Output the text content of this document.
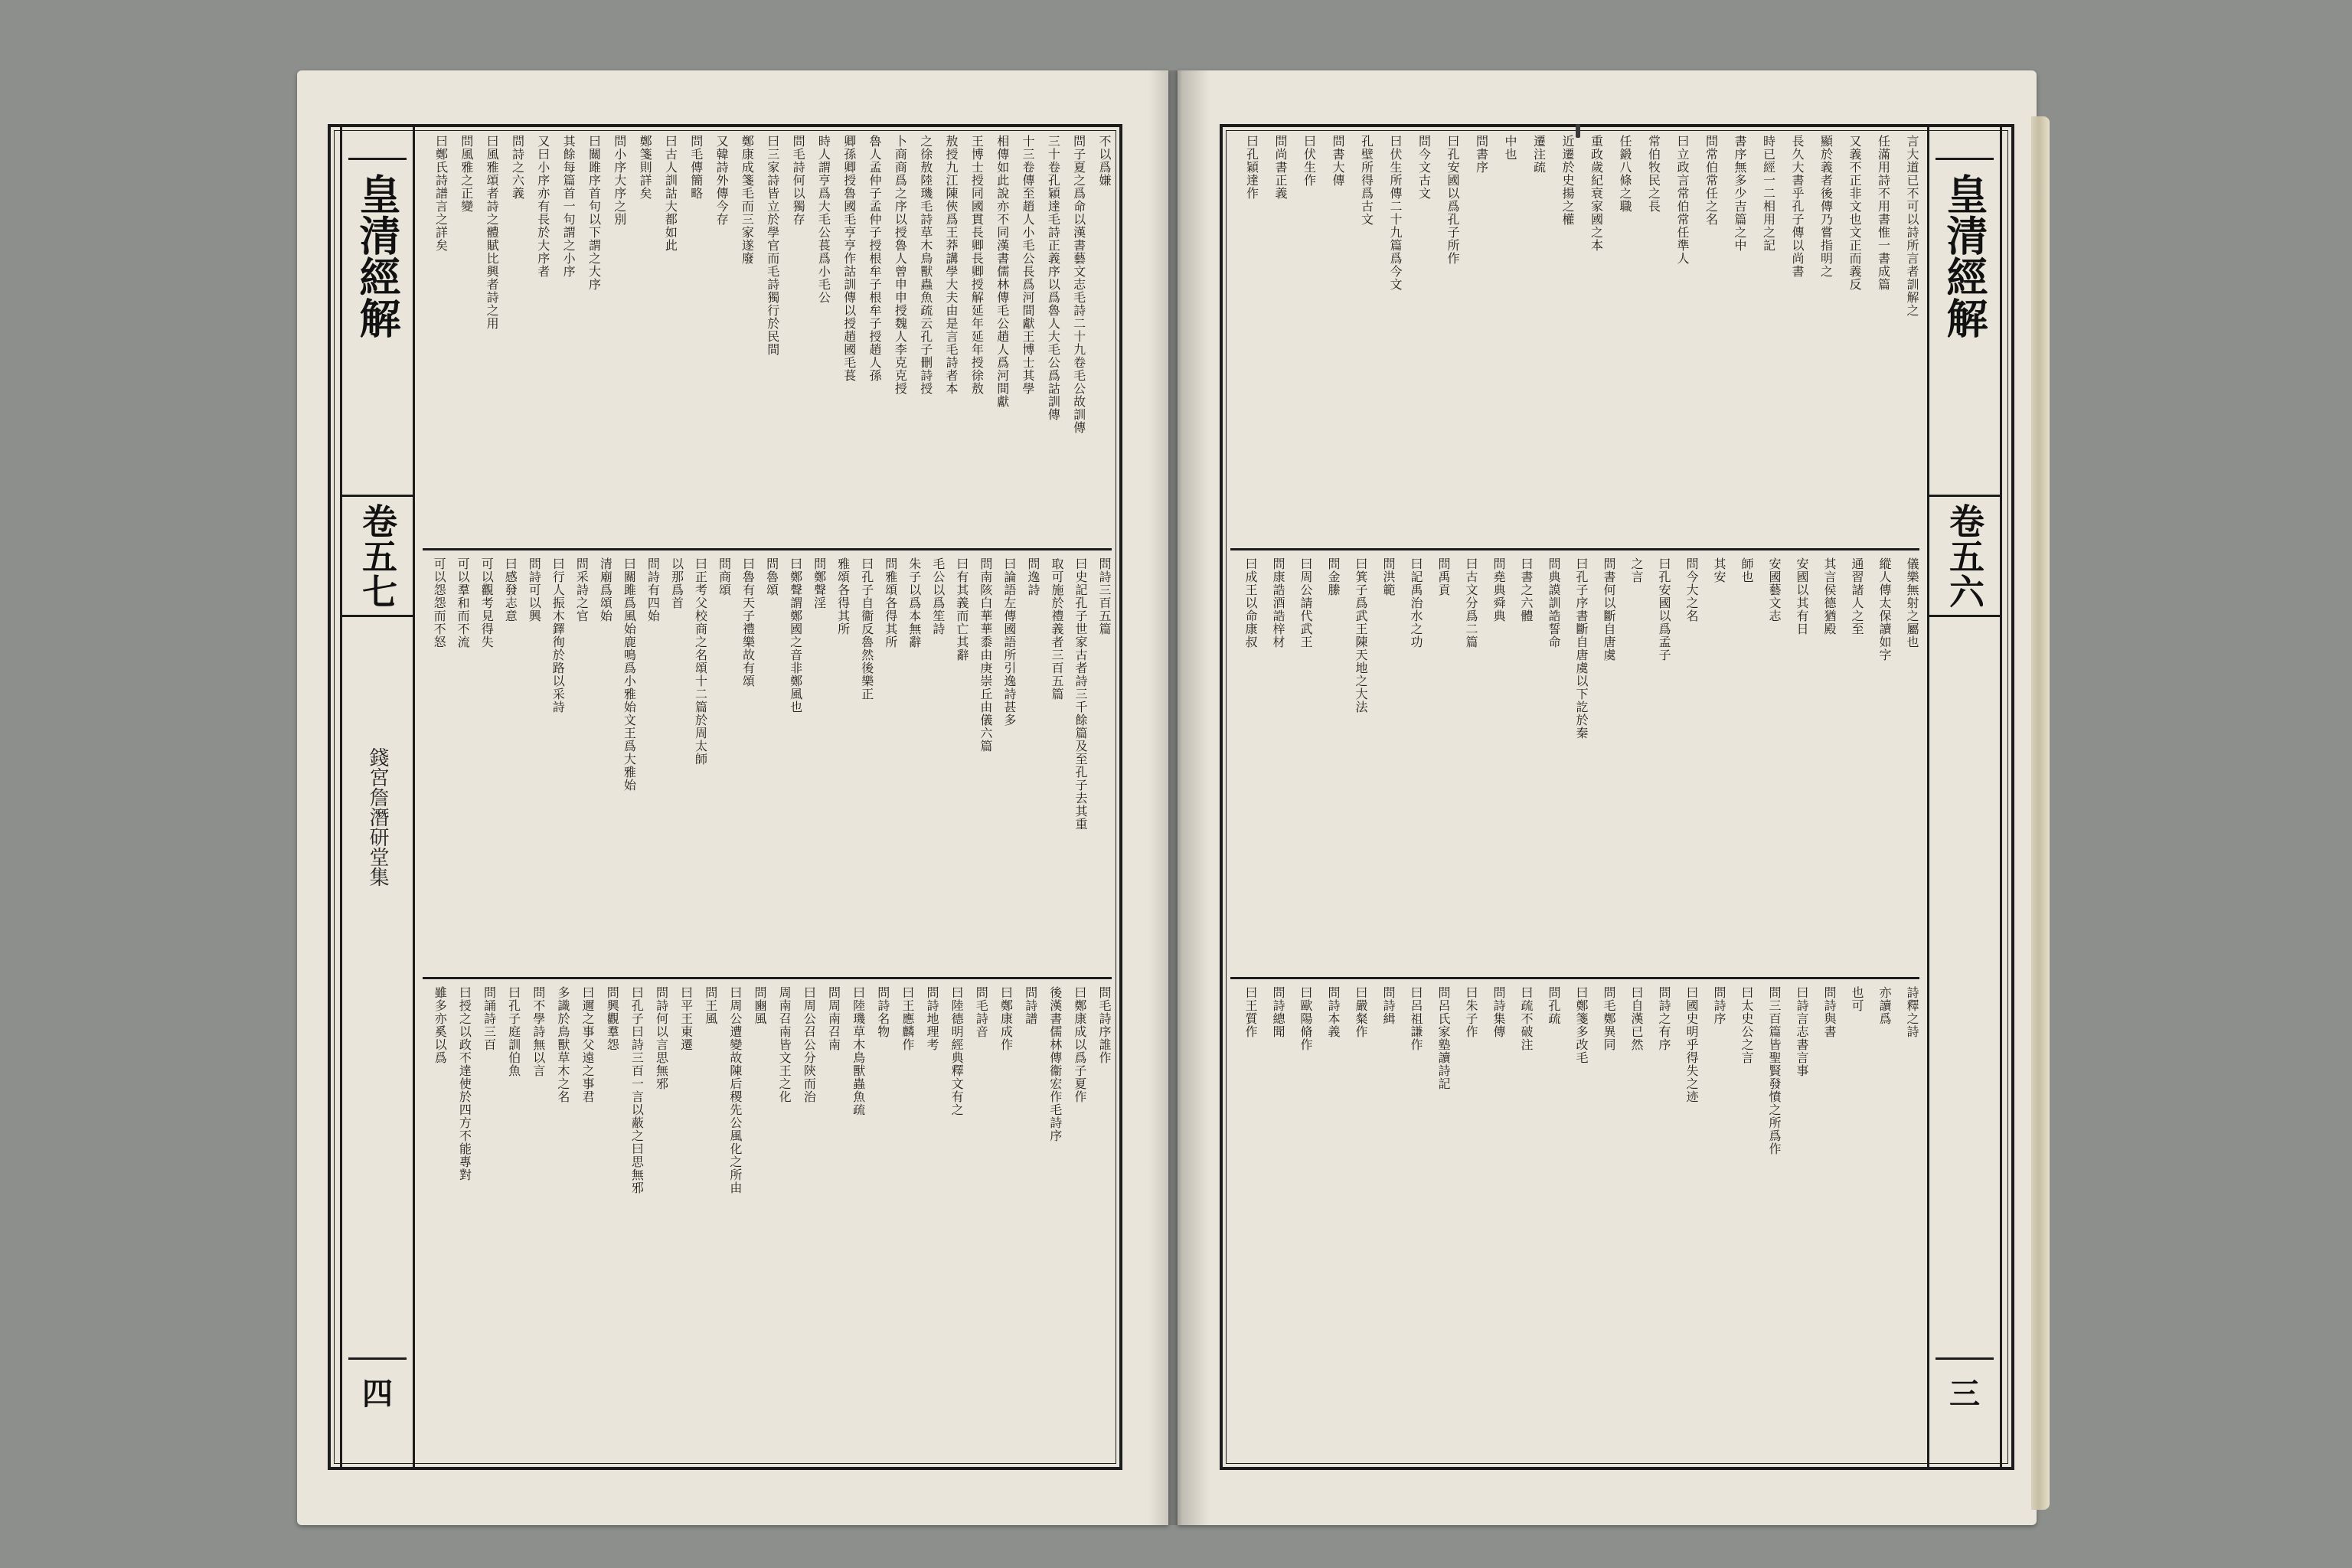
不以爲嫌
問子夏之爲命以漢書藝文志毛詩二十九卷毛公故訓傳
三十卷孔穎達毛詩正義序以爲魯人大毛公爲詁訓傳
十三卷傳至趙人小毛公長爲河間獻王博士其學
相傳如此說亦不同漢書儒林傳毛公趙人爲河間獻
王博士授同國貫長卿長卿授解延年延年授徐敖
敖授九江陳俠爲王莽講學大夫由是言毛詩者本
之徐敖陸璣毛詩草木鳥獸蟲魚疏云孔子刪詩授
卜商商爲之序以授魯人曾申申授魏人李克克授
魯人孟仲子孟仲子授根牟子根牟子授趙人孫
卿孫卿授魯國毛亨亨作詁訓傳以授趙國毛萇
時人謂亨爲大毛公萇爲小毛公
問毛詩何以獨存
曰三家詩皆立於學官而毛詩獨行於民間
鄭康成箋毛而三家遂廢
又韓詩外傳今存
問毛傳簡略
曰古人訓詁大都如此
鄭箋則詳矣
問小序大序之別
曰關雎序首句以下謂之大序
其餘每篇首一句謂之小序
又曰小序亦有長於大序者
問詩之六義
曰風雅頌者詩之體賦比興者詩之用
問風雅之正變
曰鄭氏詩譜言之詳矣
問詩三百五篇
曰史記孔子世家古者詩三千餘篇及至孔子去其重
取可施於禮義者三百五篇
問逸詩
曰論語左傳國語所引逸詩甚多
問南陔白華華黍由庚崇丘由儀六篇
曰有其義而亡其辭
毛公以爲笙詩
朱子以爲本無辭
問雅頌各得其所
曰孔子自衞反魯然後樂正
雅頌各得其所
問鄭聲淫
曰鄭聲謂鄭國之音非鄭風也
問魯頌
曰魯有天子禮樂故有頌
問商頌
曰正考父校商之名頌十二篇於周太師
以那爲首
問詩有四始
曰關雎爲風始鹿鳴爲小雅始文王爲大雅始
清廟爲頌始
問采詩之官
曰行人振木鐸徇於路以采詩
問詩可以興
曰感發志意
可以觀考見得失
可以羣和而不流
可以怨怨而不怒
問毛詩序誰作
曰鄭康成以爲子夏作
後漢書儒林傳衞宏作毛詩序
問詩譜
曰鄭康成作
問毛詩音
曰陸德明經典釋文有之
問詩地理考
曰王應麟作
問詩名物
曰陸璣草木鳥獸蟲魚疏
問周南召南
曰周公召公分陝而治
周南召南皆文王之化
問豳風
曰周公遭變故陳后稷先公風化之所由
問王風
曰平王東遷
問詩何以言思無邪
曰孔子曰詩三百一言以蔽之曰思無邪
問興觀羣怨
曰邇之事父遠之事君
多識於鳥獸草木之名
問不學詩無以言
曰孔子庭訓伯魚
問誦詩三百
曰授之以政不達使於四方不能專對
雖多亦奚以爲
皇清經解
卷五七
錢宮詹潛研堂集
四
言大道已不可以詩所言者訓解之
任滿用詩不用書惟一書成篇
又義不正非文也文正而義反
顯於義者後傳乃嘗指明之
長久大書乎孔子傳以尚書
時已經一二相用之記
書序無多少吉篇之中
問常伯常任之名
曰立政言常伯常任準人
常伯牧民之長
任鍛八條之職
重政歲紀衰家國之本
近遷於史揚之權
遷注疏
中也
問書序
曰孔安國以爲孔子所作
問今文古文
曰伏生所傳二十九篇爲今文
孔壁所得爲古文
問書大傳
曰伏生作
問尚書正義
曰孔穎達作
儀樂無射之屬也
縱人傳太保讀如字
通習諸人之至
其言侯德猶殿
安國以其有日
安國藝文志
師也
其安
問今大之名
曰孔安國以爲孟子
之言
問書何以斷自唐虞
曰孔子序書斷自唐虞以下訖於秦
問典謨訓誥誓命
曰書之六體
問堯典舜典
曰古文分爲二篇
問禹貢
曰記禹治水之功
問洪範
曰箕子爲武王陳天地之大法
問金縢
曰周公請代武王
問康誥酒誥梓材
曰成王以命康叔
詩釋之詩
亦讀爲
也可
問詩與書
曰詩言志書言事
問三百篇皆聖賢發憤之所爲作
曰太史公之言
問詩序
曰國史明乎得失之迹
問詩之有序
曰自漢已然
問毛鄭異同
曰鄭箋多改毛
問孔疏
曰疏不破注
問詩集傳
曰朱子作
問呂氏家塾讀詩記
曰呂祖謙作
問詩緝
曰嚴粲作
問詩本義
曰歐陽脩作
問詩總聞
曰王質作
皇清經解
卷五六
三
